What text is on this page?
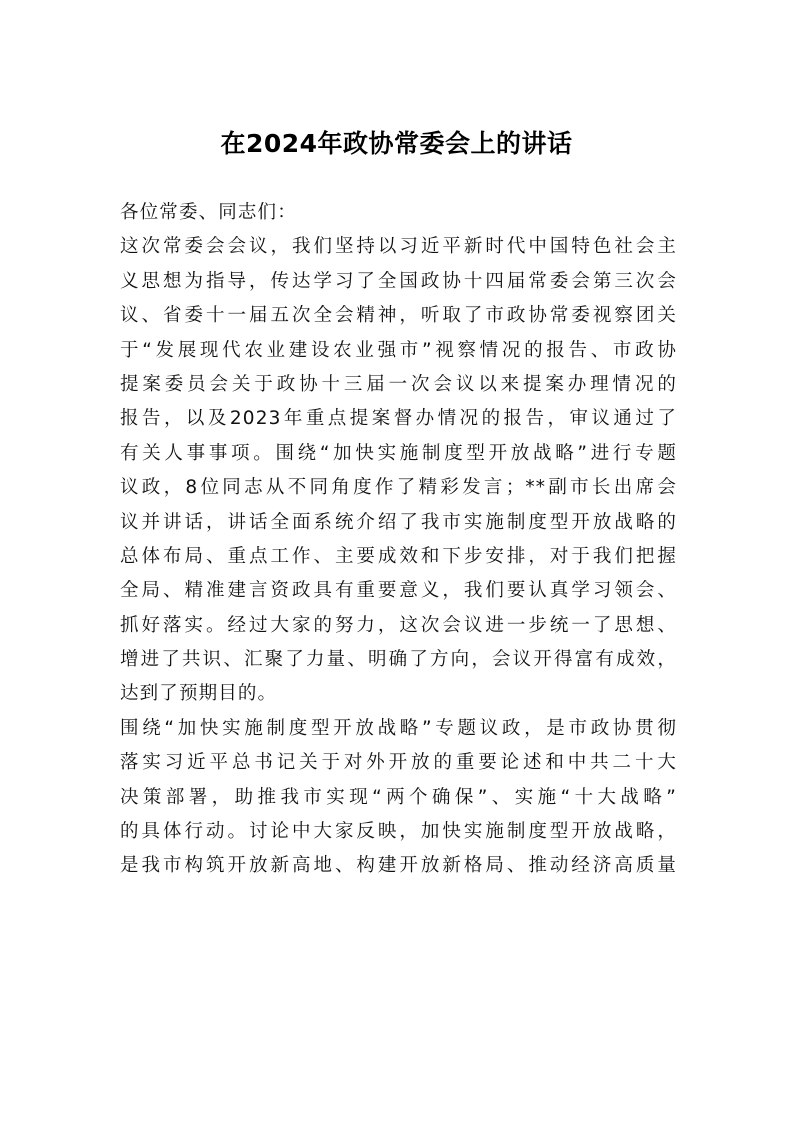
在2024年政协常委会上的讲话
各位常委、同志们：
这次常委会会议，我们坚持以习近平新时代中国特色社会主
义思想为指导，传达学习了全国政协十四届常委会第三次会
议、省委十一届五次全会精神，听取了市政协常委视察团关
于“发展现代农业建设农业强市”视察情况的报告、市政协
提案委员会关于政协十三届一次会议以来提案办理情况的
报告，以及2023年重点提案督办情况的报告，审议通过了
有关人事事项。围绕“加快实施制度型开放战略”进行专题
议政，8位同志从不同角度作了精彩发言；**副市长出席会
议并讲话，讲话全面系统介绍了我市实施制度型开放战略的
总体布局、重点工作、主要成效和下步安排，对于我们把握
全局、精准建言资政具有重要意义，我们要认真学习领会、
抓好落实。经过大家的努力，这次会议进一步统一了思想、
增进了共识、汇聚了力量、明确了方向，会议开得富有成效，
达到了预期目的。
围绕“加快实施制度型开放战略”专题议政，是市政协贯彻
落实习近平总书记关于对外开放的重要论述和中共二十大
决策部署，助推我市实现“两个确保”、实施“十大战略”
的具体行动。讨论中大家反映，加快实施制度型开放战略，
是我市构筑开放新高地、构建开放新格局、推动经济高质量
